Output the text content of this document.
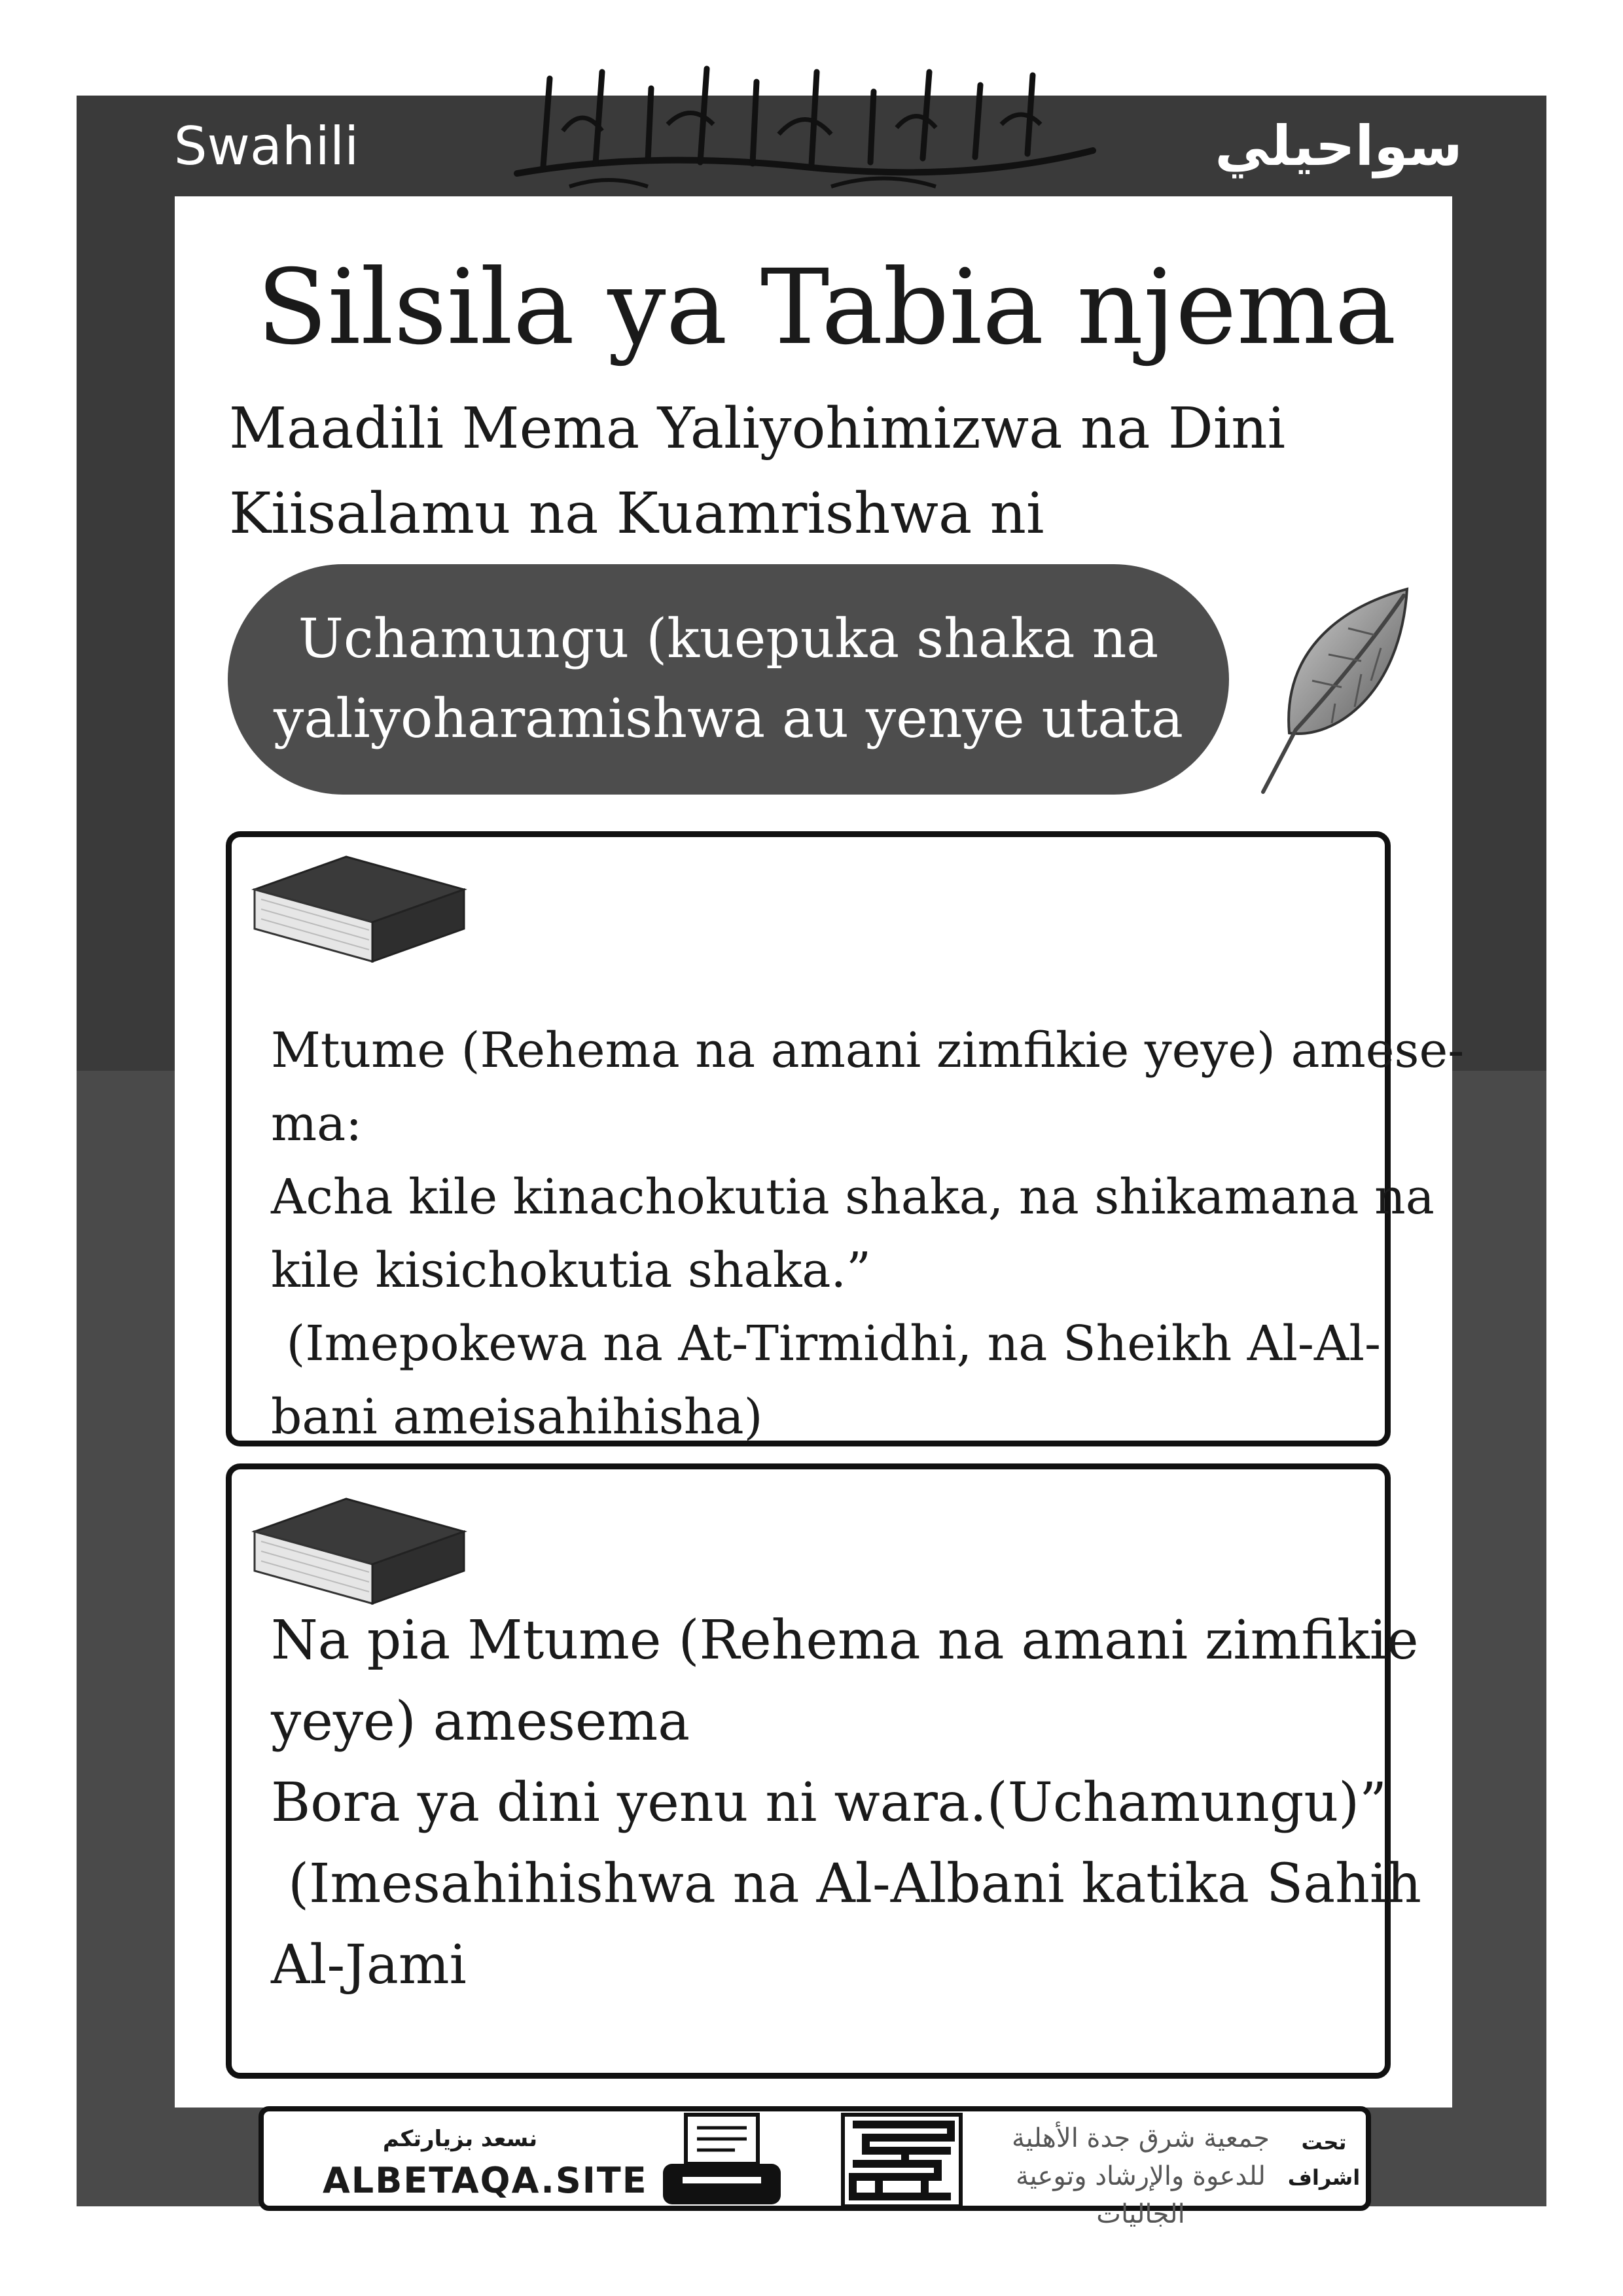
Swahili	سواحيلي
Silsila ya Tabia njema
Maadili Mema Yaliyohimizwa na Dini
Kiisalamu na Kuamrishwa ni
Uchamungu (kuepuka shaka na
yaliyoharamishwa au yenye utata
Mtume (Rehema na amani zimfikie yeye) amese-
ma:
Acha kile kinachokutia shaka, na shikamana na
kile kisichokutia shaka.”
(Imepokewa na At-Tirmidhi, na Sheikh Al-Al-
bani ameisahihisha)
Na pia Mtume (Rehema na amani zimfikie
yeye) amesema
Bora ya dini yenu ni wara.(Uchamungu)”
(Imesahihishwa na Al-Albani katika Sahih
Al-Jami
نسعد بزيارتكم
ALBETAQA.SITE
جمعية شرق جدة الأهلية
للدعوة والإرشاد وتوعية الجاليات
تحت
اشراف
